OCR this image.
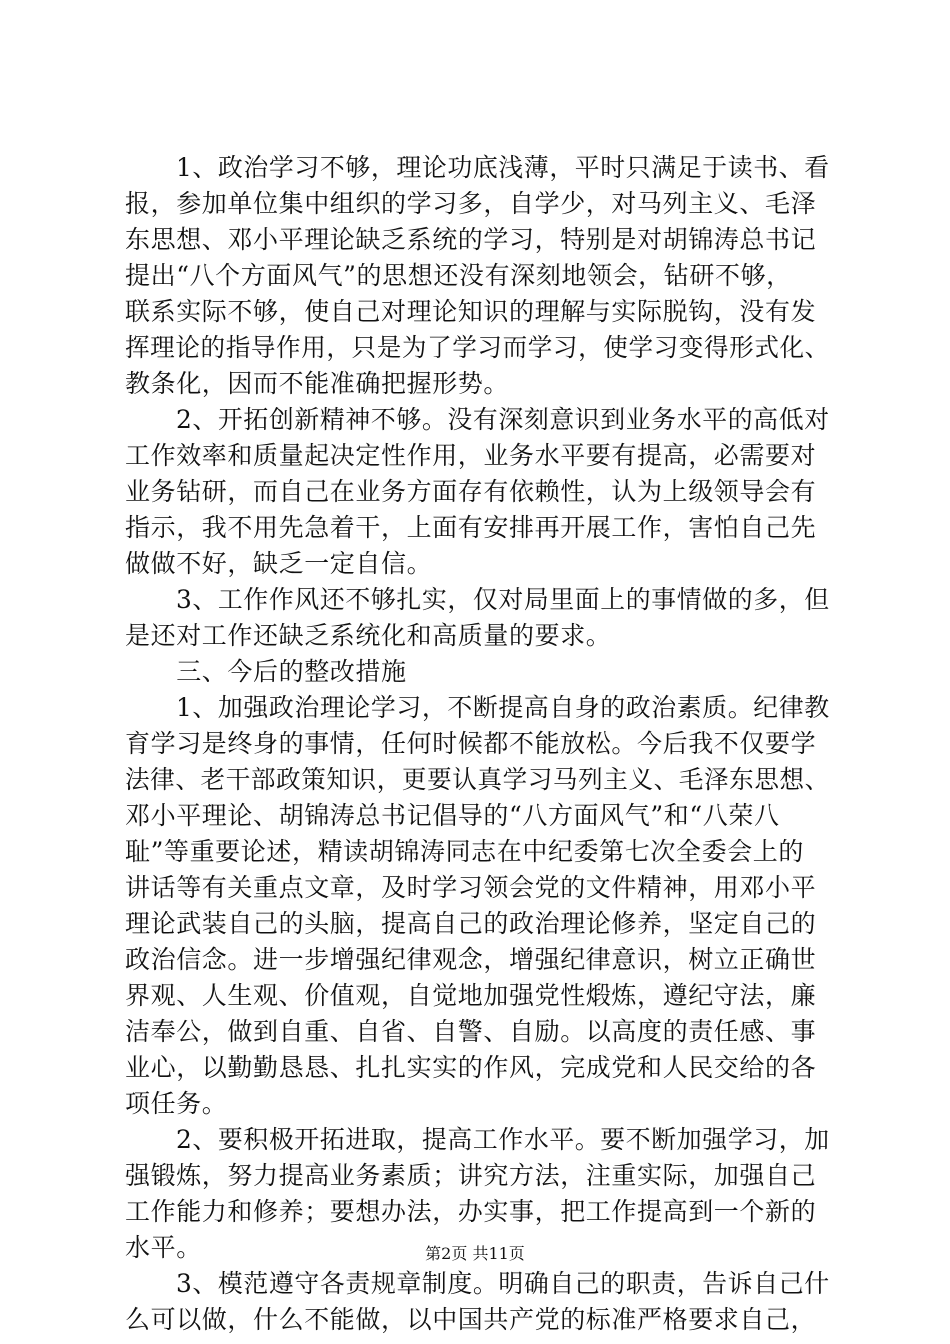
　　1、政治学习不够，理论功底浅薄，平时只满足于读书、看
报，参加单位集中组织的学习多，自学少，对马列主义、毛泽
东思想、邓小平理论缺乏系统的学习，特别是对胡锦涛总书记
提出“八个方面风气”的思想还没有深刻地领会，钻研不够，
联系实际不够，使自己对理论知识的理解与实际脱钩，没有发
挥理论的指导作用，只是为了学习而学习，使学习变得形式化、
教条化，因而不能准确把握形势。
　　2、开拓创新精神不够。没有深刻意识到业务水平的高低对
工作效率和质量起决定性作用，业务水平要有提高，必需要对
业务钻研，而自己在业务方面存有依赖性，认为上级领导会有
指示，我不用先急着干，上面有安排再开展工作，害怕自己先
做做不好，缺乏一定自信。
　　3、工作作风还不够扎实，仅对局里面上的事情做的多，但
是还对工作还缺乏系统化和高质量的要求。
　　三、今后的整改措施
　　1、加强政治理论学习，不断提高自身的政治素质。纪律教
育学习是终身的事情，任何时候都不能放松。今后我不仅要学
法律、老干部政策知识，更要认真学习马列主义、毛泽东思想、
邓小平理论、胡锦涛总书记倡导的“八方面风气”和“八荣八
耻”等重要论述，精读胡锦涛同志在中纪委第七次全委会上的
讲话等有关重点文章，及时学习领会党的文件精神，用邓小平
理论武装自己的头脑，提高自己的政治理论修养，坚定自己的
政治信念。进一步增强纪律观念，增强纪律意识，树立正确世
界观、人生观、价值观，自觉地加强党性煅炼，遵纪守法，廉
洁奉公，做到自重、自省、自警、自励。以高度的责任感、事
业心，以勤勤恳恳、扎扎实实的作风，完成党和人民交给的各
项任务。
　　2、要积极开拓进取，提高工作水平。要不断加强学习，加
强锻炼，努力提高业务素质；讲究方法，注重实际，加强自己
工作能力和修养；要想办法，办实事，把工作提高到一个新的
水平。
　　3、模范遵守各责规章制度。明确自己的职责，告诉自己什
么可以做，什么不能做，以中国共产党的标准严格要求自己，
第2页 共11页
